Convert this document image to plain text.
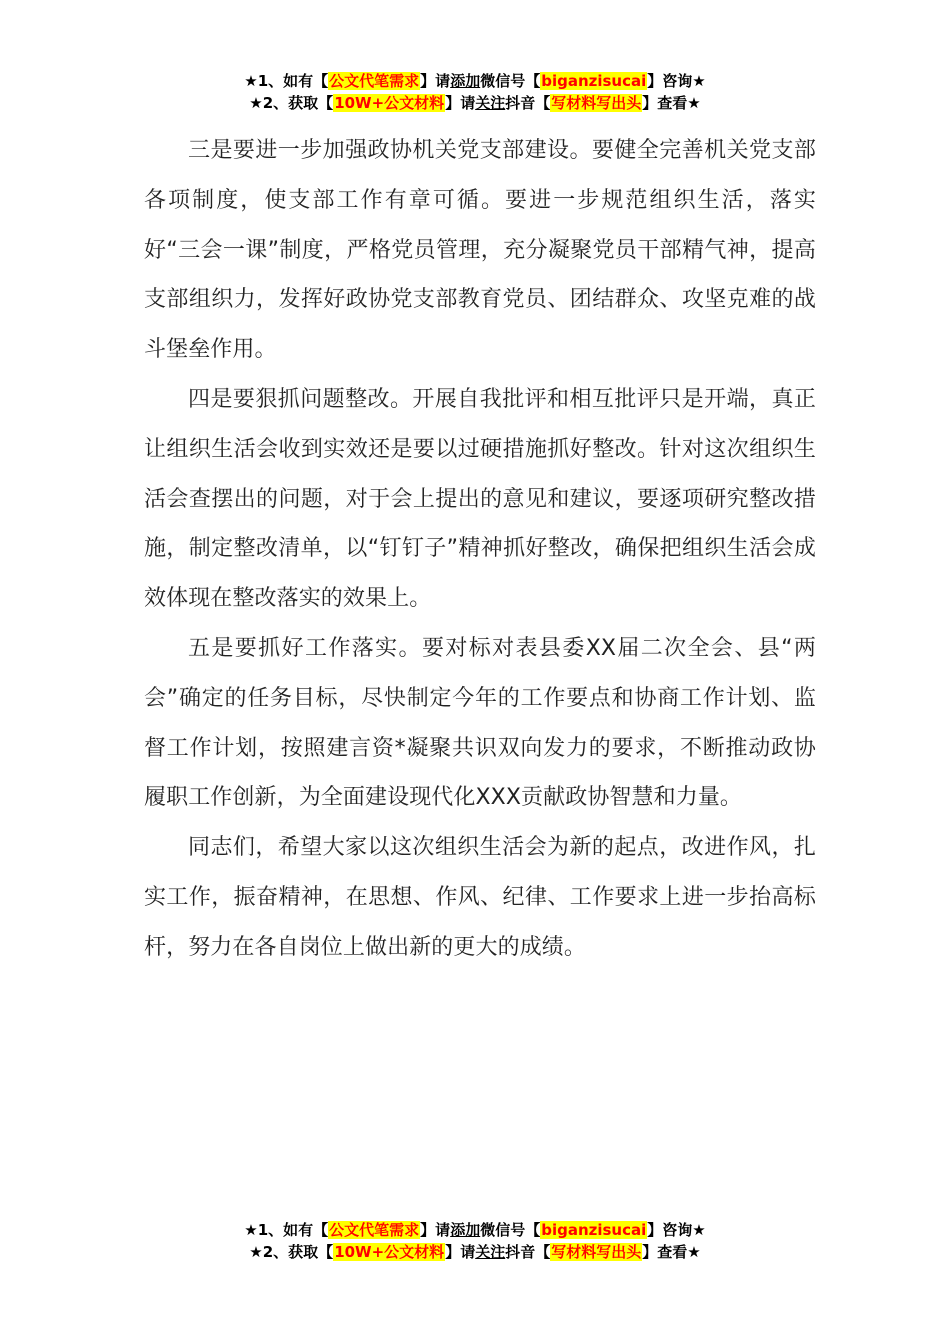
★1、如有【公文代笔需求】请添加微信号【biganzisucai】咨询★
★2、获取【10W+公文材料】请关注抖音【写材料写出头】查看★

三是要进一步加强政协机关党支部建设。要健全完善机关党支部各项制度，使支部工作有章可循。要进一步规范组织生活，落实好“三会一课”制度，严格党员管理，充分凝聚党员干部精气神，提高支部组织力，发挥好政协党支部教育党员、团结群众、攻坚克难的战斗堡垒作用。

四是要狠抓问题整改。开展自我批评和相互批评只是开端，真正让组织生活会收到实效还是要以过硬措施抓好整改。针对这次组织生活会查摆出的问题，对于会上提出的意见和建议，要逐项研究整改措施，制定整改清单，以“钉钉子”精神抓好整改，确保把组织生活会成效体现在整改落实的效果上。

五是要抓好工作落实。要对标对表县委XX届二次全会、县“两会”确定的任务目标，尽快制定今年的工作要点和协商工作计划、监督工作计划，按照建言资*凝聚共识双向发力的要求，不断推动政协履职工作创新，为全面建设现代化XXX贡献政协智慧和力量。

同志们，希望大家以这次组织生活会为新的起点，改进作风，扎实工作，振奋精神，在思想、作风、纪律、工作要求上进一步抬高标杆，努力在各自岗位上做出新的更大的成绩。

★1、如有【公文代笔需求】请添加微信号【biganzisucai】咨询★
★2、获取【10W+公文材料】请关注抖音【写材料写出头】查看★
